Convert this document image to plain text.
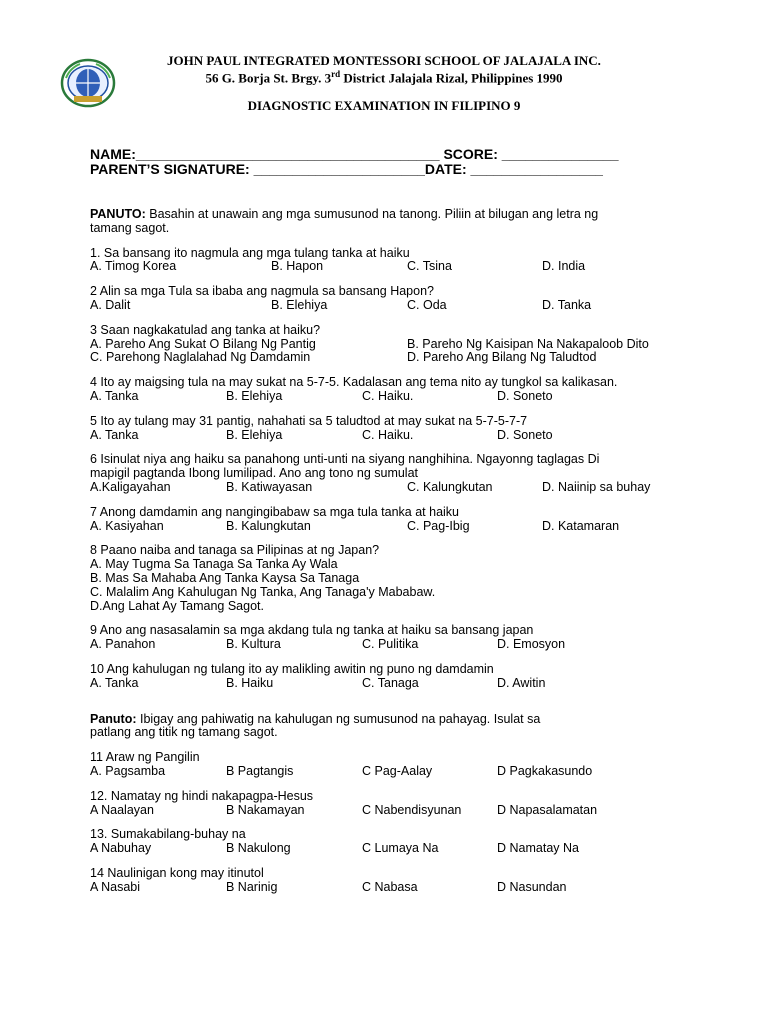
JOHN PAUL INTEGRATED MONTESSORI SCHOOL OF JALAJALA INC.
56 G. Borja St. Brgy. 3rd District Jalajala Rizal, Philippines 1990
DIAGNOSTIC EXAMINATION IN FILIPINO 9
NAME:_______________________________________ SCORE: _______________
PARENT’S SIGNATURE: ______________________DATE: _________________

PANUTO: Basahin at unawain ang mga sumusunod na tanong. Piliin at bilugan ang letra ng

tamang sagot.

1. Sa bansang ito nagmula ang mga tulang tanka at haiku

A. Timog Korea	B. Hapon	C. Tsina	D. India

2 Alin sa mga Tula sa ibaba ang nagmula sa bansang Hapon?

A. Dalit	B. Elehiya	C. Oda	D. Tanka

3 Saan nagkakatulad ang tanka at haiku?

A. Pareho Ang Sukat O Bilang Ng Pantig	B. Pareho Ng Kaisipan Na Nakapaloob Dito
C. Parehong Naglalahad Ng Damdamin	D. Pareho Ang Bilang Ng Taludtod

4 Ito ay maigsing tula na may sukat na 5-7-5. Kadalasan ang tema nito ay tungkol sa kalikasan.

A. Tanka	B. Elehiya	C. Haiku.	D. Soneto

5 Ito ay tulang may 31 pantig, nahahati sa 5 taludtod at may sukat na 5-7-5-7-7

A. Tanka	B. Elehiya	C. Haiku.	D. Soneto

6 Isinulat niya ang haiku sa panahong unti-unti na siyang nanghihina. Ngayonng taglagas Di

mapigil pagtanda Ibong lumilipad. Ano ang tono ng sumulat

A.Kaligayahan	B. Katiwayasan	C. Kalungkutan	D. Naiinip sa buhay

7 Anong damdamin ang nangingibabaw sa mga tula tanka at haiku

A. Kasiyahan	B. Kalungkutan	C. Pag-Ibig	D. Katamaran

8 Paano naiba and tanaga sa Pilipinas at ng Japan?

A. May Tugma Sa Tanaga Sa Tanka Ay Wala

B. Mas Sa Mahaba Ang Tanka Kaysa Sa Tanaga

C. Malalim Ang Kahulugan Ng Tanka, Ang Tanaga'y Mababaw.

D.Ang Lahat Ay Tamang Sagot.

9 Ano ang nasasalamin sa mga akdang tula ng tanka at haiku sa bansang japan

A. Panahon	B. Kultura	C. Pulitika	D. Emosyon

10 Ang kahulugan ng tulang ito ay malikling awitin ng puno ng damdamin

A. Tanka	B. Haiku	C. Tanaga	D. Awitin

Panuto: Ibigay ang pahiwatig na kahulugan ng sumusunod na pahayag. Isulat sa

patlang ang titik ng tamang sagot.

11 Araw ng Pangilin

A. Pagsamba	B Pagtangis	C Pag-Aalay	D Pagkakasundo

12. Namatay ng hindi nakapagpa-Hesus

A Naalayan	B Nakamayan	C Nabendisyunan	D Napasalamatan

13. Sumakabilang-buhay na

A Nabuhay	B Nakulong	C Lumaya Na	D Namatay Na

14 Naulinigan kong may itinutol

A Nasabi	B Narinig	C Nabasa	D Nasundan
